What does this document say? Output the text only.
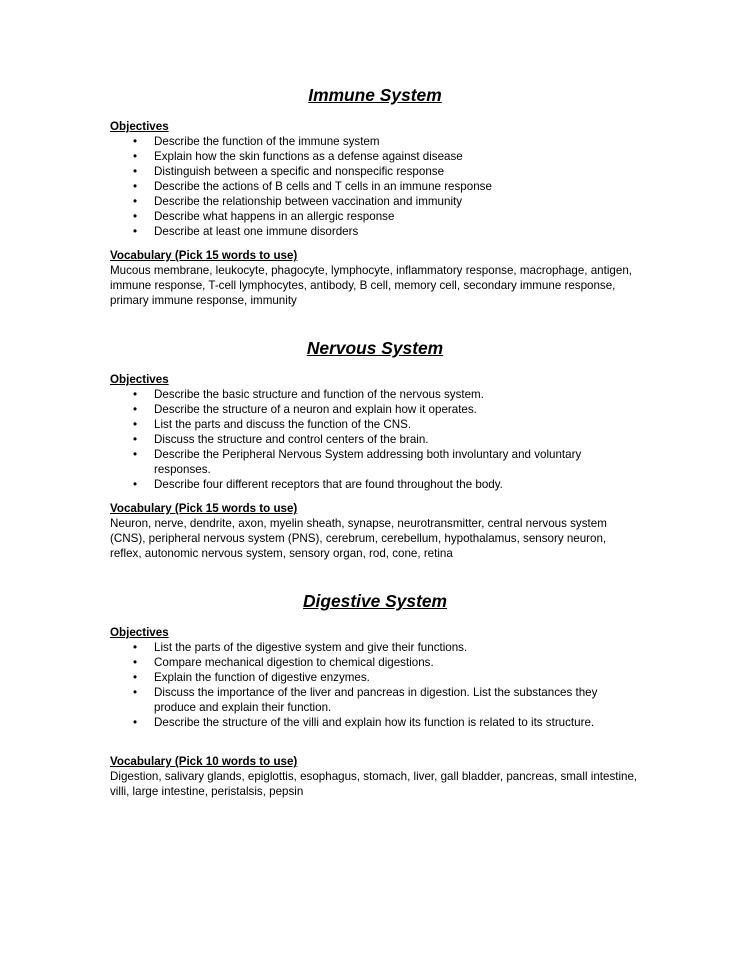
Immune System

Objectives

• Describe the function of the immune system
• Explain how the skin functions as a defense against disease
• Distinguish between a specific and nonspecific response
• Describe the actions of B cells and T cells in an immune response
• Describe the relationship between vaccination and immunity
• Describe what happens in an allergic response
• Describe at least one immune disorders

Vocabulary (Pick 15 words to use)

Mucous membrane, leukocyte, phagocyte, lymphocyte, inflammatory response, macrophage, antigen, immune response, T-cell lymphocytes, antibody, B cell, memory cell, secondary immune response, primary immune response, immunity

Nervous System

Objectives

• Describe the basic structure and function of the nervous system.
• Describe the structure of a neuron and explain how it operates.
• List the parts and discuss the function of the CNS.
• Discuss the structure and control centers of the brain.
• Describe the Peripheral Nervous System addressing both involuntary and voluntary responses.
• Describe four different receptors that are found throughout the body.

Vocabulary (Pick 15 words to use)

Neuron, nerve, dendrite, axon, myelin sheath, synapse, neurotransmitter, central nervous system (CNS), peripheral nervous system (PNS), cerebrum, cerebellum, hypothalamus, sensory neuron, reflex, autonomic nervous system, sensory organ, rod, cone, retina

Digestive System

Objectives

• List the parts of the digestive system and give their functions.
• Compare mechanical digestion to chemical digestions.
• Explain the function of digestive enzymes.
• Discuss the importance of the liver and pancreas in digestion. List the substances they produce and explain their function.
• Describe the structure of the villi and explain how its function is related to its structure.

Vocabulary (Pick 10 words to use)

Digestion, salivary glands, epiglottis, esophagus, stomach, liver, gall bladder, pancreas, small intestine, villi, large intestine, peristalsis, pepsin
